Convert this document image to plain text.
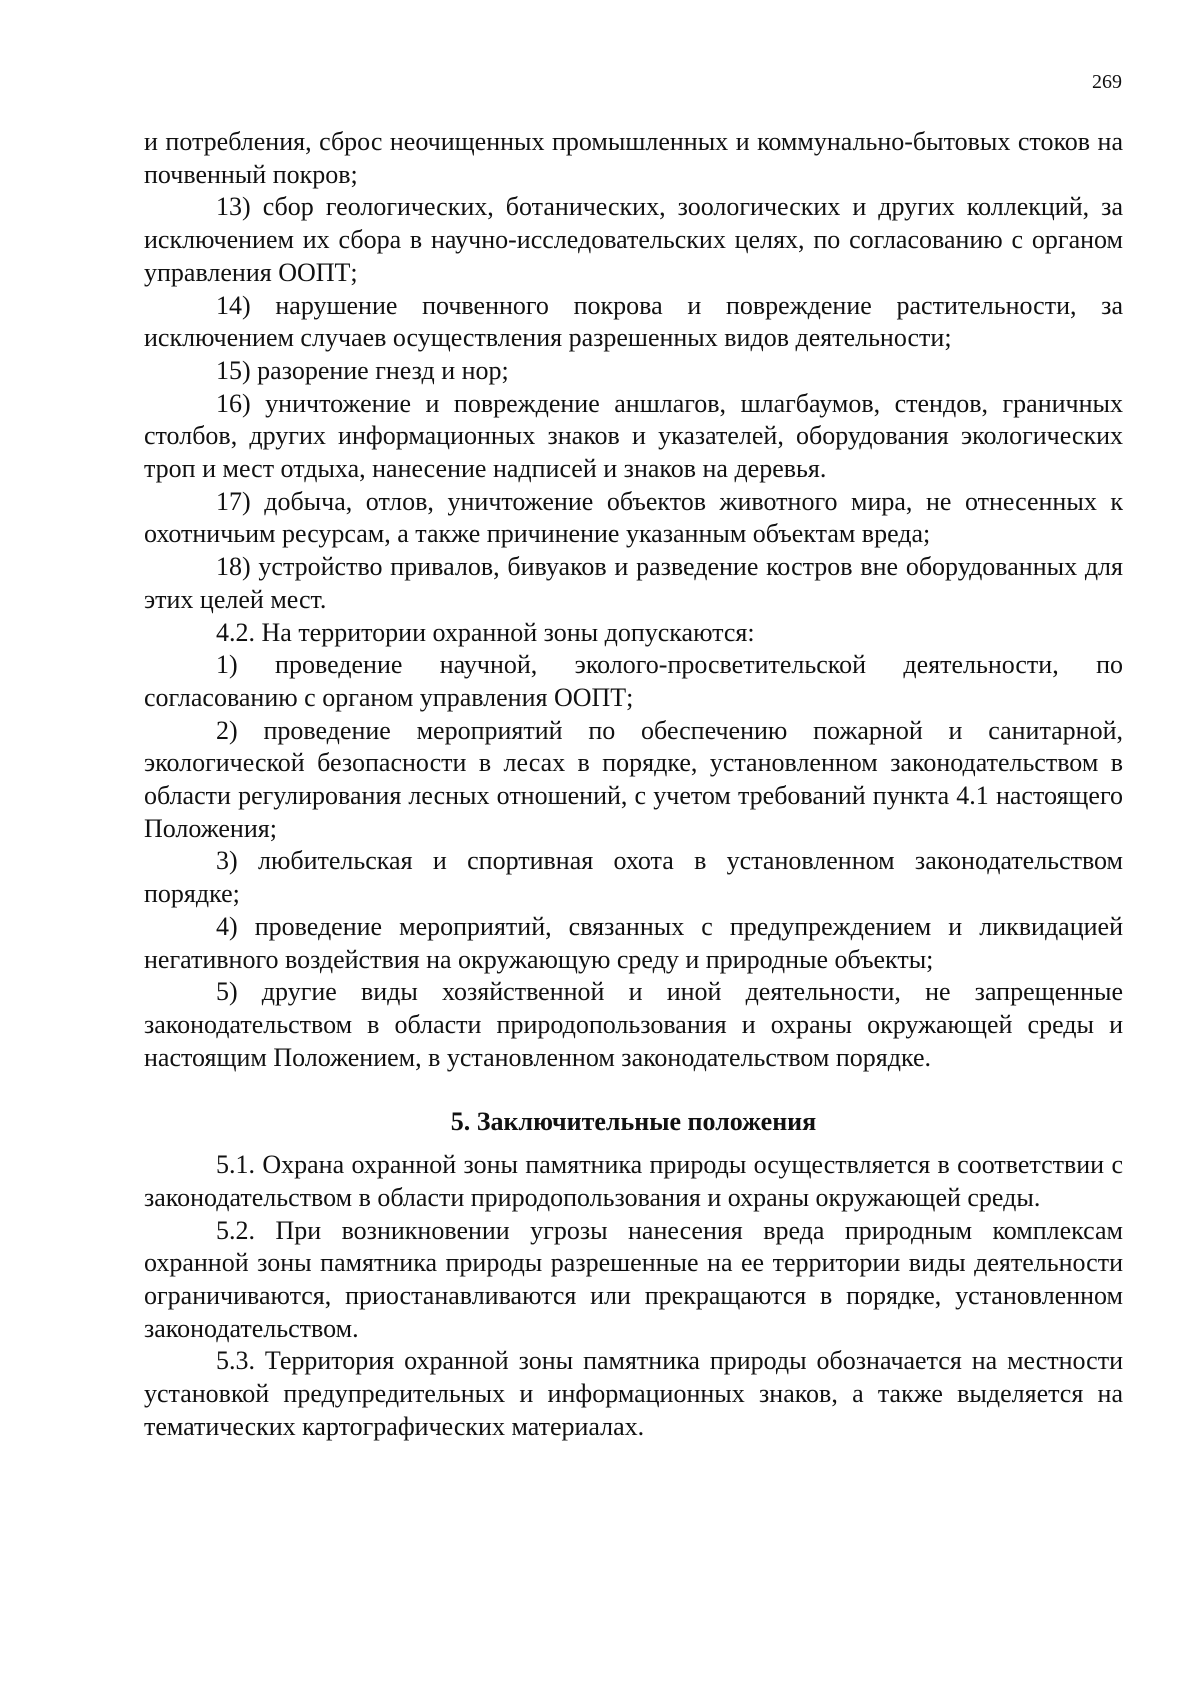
269

и потребления, сброс неочищенных промышленных и коммунально-бытовых стоков на почвенный покров;

13) сбор геологических, ботанических, зоологических и других коллекций, за исключением их сбора в научно-исследовательских целях, по согласованию с органом управления ООПТ;

14) нарушение почвенного покрова и повреждение растительности, за исключением случаев осуществления разрешенных видов деятельности;

15) разорение гнезд и нор;

16) уничтожение и повреждение аншлагов, шлагбаумов, стендов, граничных столбов, других информационных знаков и указателей, оборудования экологических троп и мест отдыха, нанесение надписей и знаков на деревья.

17) добыча, отлов, уничтожение объектов животного мира, не отнесенных к охотничьим ресурсам, а также причинение указанным объектам вреда;

18) устройство привалов, бивуаков и разведение костров вне оборудованных для этих целей мест.

4.2. На территории охранной зоны допускаются:

1) проведение научной, эколого-просветительской деятельности, по согласованию с органом управления ООПТ;

2) проведение мероприятий по обеспечению пожарной и санитарной, экологической безопасности в лесах в порядке, установленном законодательством в области регулирования лесных отношений, с учетом требований пункта 4.1 настоящего Положения;

3) любительская и спортивная охота в установленном законодательством порядке;

4) проведение мероприятий, связанных с предупреждением и ликвидацией негативного воздействия на окружающую среду и природные объекты;

5) другие виды хозяйственной и иной деятельности, не запрещенные законодательством в области природопользования и охраны окружающей среды и настоящим Положением, в установленном законодательством порядке.

5. Заключительные положения

5.1. Охрана охранной зоны памятника природы осуществляется в соответствии с законодательством в области природопользования и охраны окружающей среды.

5.2. При возникновении угрозы нанесения вреда природным комплексам охранной зоны памятника природы разрешенные на ее территории виды деятельности ограничиваются, приостанавливаются или прекращаются в порядке, установленном законодательством.

5.3. Территория охранной зоны памятника природы обозначается на местности установкой предупредительных и информационных знаков, а также выделяется на тематических картографических материалах.
